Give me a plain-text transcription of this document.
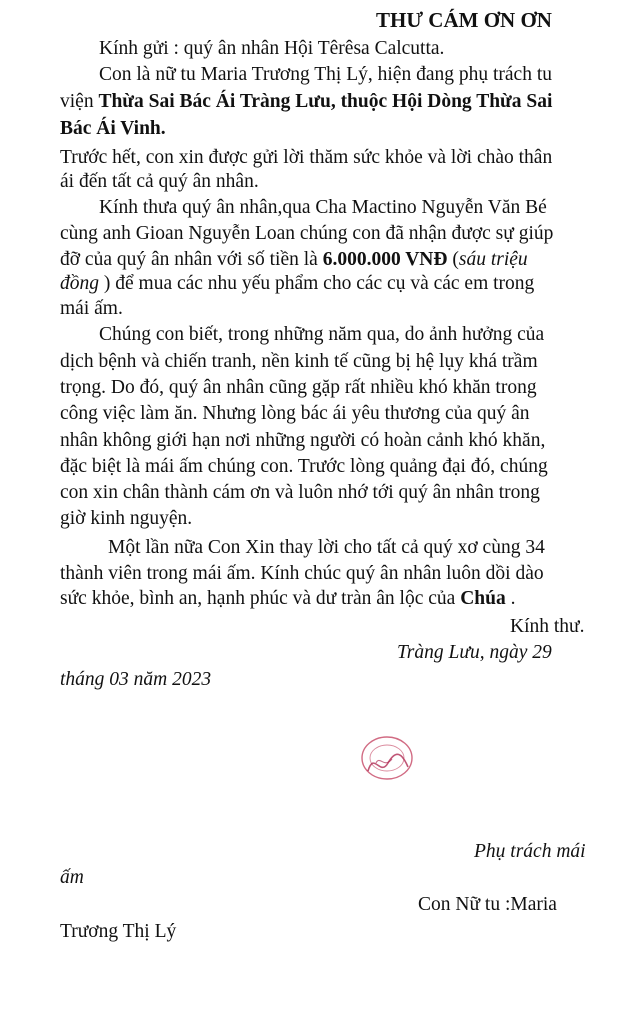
THƯ CÁM ƠN ƠN
Kính gửi : quý ân nhân Hội Têrêsa Calcutta.
Con là nữ tu Maria Trương Thị Lý, hiện đang phụ trách tu
viện Thừa Sai Bác Ái Tràng Lưu, thuộc Hội Dòng Thừa Sai
Bác Ái Vinh.
Trước hết, con xin được gửi lời thăm sức khỏe và lời chào thân
ái đến tất cả quý ân nhân.
Kính thưa quý ân nhân,qua Cha Mactino Nguyễn Văn Bé
cùng anh Gioan Nguyễn Loan chúng con đã nhận được sự giúp
đỡ của quý ân nhân với số tiền là 6.000.000 VNĐ (sáu triệu
đồng ) để mua các nhu yếu phẩm cho các cụ và các em trong
mái ấm.
Chúng con biết, trong những năm qua, do ảnh hưởng của
dịch bệnh và chiến tranh, nền kinh tế cũng bị hệ lụy khá trầm
trọng. Do đó, quý ân nhân cũng gặp rất nhiều khó khăn trong
công việc làm ăn. Nhưng lòng bác ái yêu thương của quý ân
nhân không giới hạn nơi những người có hoàn cảnh khó khăn,
đặc biệt là mái ấm chúng con. Trước lòng quảng đại đó, chúng
con xin chân thành cám ơn và luôn nhớ tới quý ân nhân trong
giờ kinh nguyện.
Một lần nữa Con Xin thay lời cho tất cả quý xơ cùng 34
thành viên trong mái ấm. Kính chúc quý ân nhân luôn dồi dào
sức khỏe, bình an, hạnh phúc và dư tràn ân lộc của Chúa .
Kính thư.
Tràng Lưu, ngày 29
tháng 03 năm 2023
Phụ trách mái
ấm
Con Nữ tu :Maria
Trương Thị Lý
